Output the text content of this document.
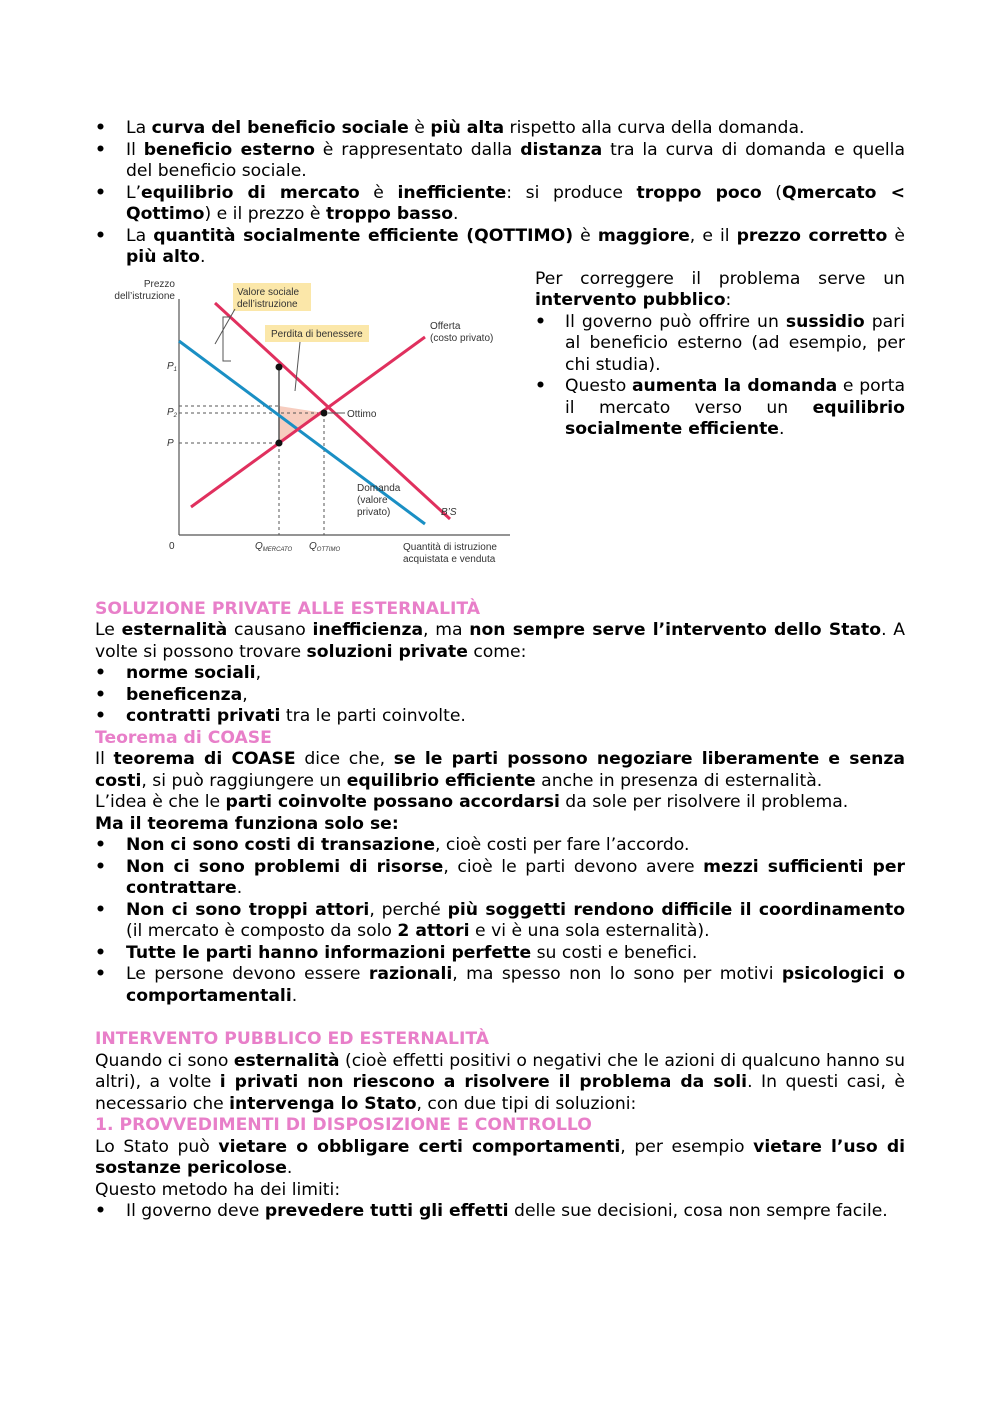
• La curva del beneficio sociale è più alta rispetto alla curva della domanda.
• Il beneficio esterno è rappresentato dalla distanza tra la curva di domanda e quella del beneficio sociale.
• L’equilibrio di mercato è inefficiente: si produce troppo poco (Qmercato < Qottimo) e il prezzo è troppo basso.
• La quantità socialmente efficiente (QOTTIMO) è maggiore, e il prezzo corretto è più alto.
Prezzo
dell’istruzione	Valore sociale
dell’istruzione
Perdita di benessere
Offerta
(costo privato)
Ottimo
Domanda
(valore
privato)	B’S
$P_1$
$P_2$
P
0	$Q_{MERCATO}$ $Q_{OTTIMO}$	Quantità di istruzione
acquistata e venduta

Per correggere il problema serve un intervento pubblico:

• Il governo può offrire un sussidio pari al beneficio esterno (ad esempio, per chi studia).
• Questo aumenta la domanda e porta il mercato verso un equilibrio socialmente efficiente.

SOLUZIONE PRIVATE ALLE ESTERNALITÀ

Le esternalità causano inefficienza, ma non sempre serve l’intervento dello Stato. A volte si possono trovare soluzioni private come:

• norme sociali,
• beneficenza,
• contratti privati tra le parti coinvolte.

Teorema di COASE

Il teorema di COASE dice che, se le parti possono negoziare liberamente e senza costi, si può raggiungere un equilibrio efficiente anche in presenza di esternalità.

L’idea è che le parti coinvolte possano accordarsi da sole per risolvere il problema.

Ma il teorema funziona solo se:

• Non ci sono costi di transazione, cioè costi per fare l’accordo.
• Non ci sono problemi di risorse, cioè le parti devono avere mezzi sufficienti per contrattare.
• Non ci sono troppi attori, perché più soggetti rendono difficile il coordinamento (il mercato è composto da solo 2 attori e vi è una sola esternalità).
• Tutte le parti hanno informazioni perfette su costi e benefici.
• Le persone devono essere razionali, ma spesso non lo sono per motivi psicologici o comportamentali.

INTERVENTO PUBBLICO ED ESTERNALITÀ

Quando ci sono esternalità (cioè effetti positivi o negativi che le azioni di qualcuno hanno su altri), a volte i privati non riescono a risolvere il problema da soli. In questi casi, è necessario che intervenga lo Stato, con due tipi di soluzioni:

1. PROVVEDIMENTI DI DISPOSIZIONE E CONTROLLO

Lo Stato può vietare o obbligare certi comportamenti, per esempio vietare l’uso di sostanze pericolose.

Questo metodo ha dei limiti:

• Il governo deve prevedere tutti gli effetti delle sue decisioni, cosa non sempre facile.
